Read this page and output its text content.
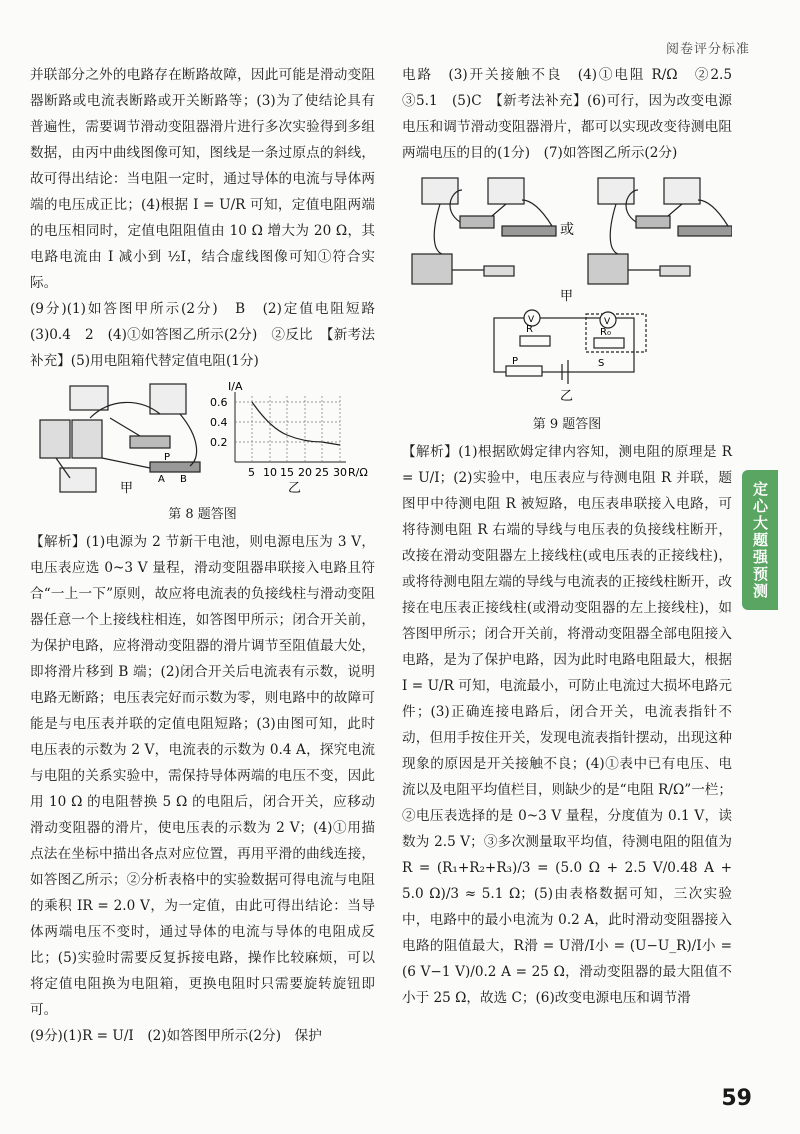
阅卷评分标准

并联部分之外的电路存在断路故障，因此可能是滑动变阻器断路或电流表断路或开关断路等；(3)为了使结论具有普遍性，需要调节滑动变阻器滑片进行多次实验得到多组数据，由丙中曲线图像可知，图线是一条过原点的斜线，故可得出结论：当电阻一定时，通过导体的电流与导体两端的电压成正比；(4)根据 I = U/R 可知，定值电阻两端的电压相同时，定值电阻阻值由 10 Ω 增大为 20 Ω，其电路电流由 I 减小到 ½I，结合虚线图像可知①符合实际。

(9分)(1)如答图甲所示(2分)　B　(2)定值电阻短路　(3)0.4　2　(4)①如答图乙所示(2分)　②反比　【新考法补充】(5)用电阻箱代替定值电阻(1分)

A B
P
甲
I/A
0.6
0.4
0.2
5 10 15 20 25 30 R/Ω
乙
第 8 题答图

【解析】(1)电源为 2 节新干电池，则电源电压为 3 V，电压表应选 0~3 V 量程，滑动变阻器串联接入电路且符合“一上一下”原则，故应将电流表的负接线柱与滑动变阻器任意一个上接线柱相连，如答图甲所示；闭合开关前，为保护电路，应将滑动变阻器的滑片调节至阻值最大处，即将滑片移到 B 端；(2)闭合开关后电流表有示数，说明电路无断路；电压表完好而示数为零，则电路中的故障可能是与电压表并联的定值电阻短路；(3)由图可知，此时电压表的示数为 2 V，电流表的示数为 0.4 A，探究电流与电阻的关系实验中，需保持导体两端的电压不变，因此用 10 Ω 的电阻替换 5 Ω 的电阻后，闭合开关，应移动滑动变阻器的滑片，使电压表的示数为 2 V；(4)①用描点法在坐标中描出各点对应位置，再用平滑的曲线连接，如答图乙所示；②分析表格中的实验数据可得电流与电阻的乘积 IR = 2.0 V，为一定值，由此可得出结论：当导体两端电压不变时，通过导体的电流与导体的电阻成反比；(5)实验时需要反复拆接电路，操作比较麻烦，可以将定值电阻换为电阻箱，更换电阻时只需要旋转旋钮即可。

(9分)(1)R = U/I　(2)如答图甲所示(2分)　保护

电路　(3)开关接触不良　(4)①电阻 R/Ω　②2.5　③5.1　(5)C　【新考法补充】(6)可行，因为改变电源电压和调节滑动变阻器滑片，都可以实现改变待测电阻两端电压的目的(1分)　(7)如答图乙所示(2分)

或
甲
V	V
R	R₀
P	S
乙
第 9 题答图

【解析】(1)根据欧姆定律内容知，测电阻的原理是 R = U/I；(2)实验中，电压表应与待测电阻 R 并联，题图甲中待测电阻 R 被短路，电压表串联接入电路，可将待测电阻 R 右端的导线与电压表的负接线柱断开，改接在滑动变阻器左上接线柱(或电压表的正接线柱)，或将待测电阻左端的导线与电流表的正接线柱断开，改接在电压表正接线柱(或滑动变阻器的左上接线柱)，如答图甲所示；闭合开关前，将滑动变阻器全部电阻接入电路，是为了保护电路，因为此时电路电阻最大，根据 I = U/R 可知，电流最小，可防止电流过大损坏电路元件；(3)正确连接电路后，闭合开关，电流表指针不动，但用手按住开关，发现电流表指针摆动，出现这种现象的原因是开关接触不良；(4)①表中已有电压、电流以及电阻平均值栏目，则缺少的是“电阻 R/Ω”一栏；②电压表选择的是 0~3 V 量程，分度值为 0.1 V，读数为 2.5 V；③多次测量取平均值，待测电阻的阻值为 R = (R₁+R₂+R₃)/3 = (5.0 Ω + 2.5 V/0.48 A + 5.0 Ω)/3 ≈ 5.1 Ω；(5)由表格数据可知，三次实验中，电路中的最小电流为 0.2 A，此时滑动变阻器接入电路的阻值最大，R滑 = U滑/I小 = (U−U_R)/I小 = (6 V−1 V)/0.2 A = 25 Ω，滑动变阻器的最大阻值不小于 25 Ω，故选 C；(6)改变电源电压和调节滑

定心大题强预测
59
